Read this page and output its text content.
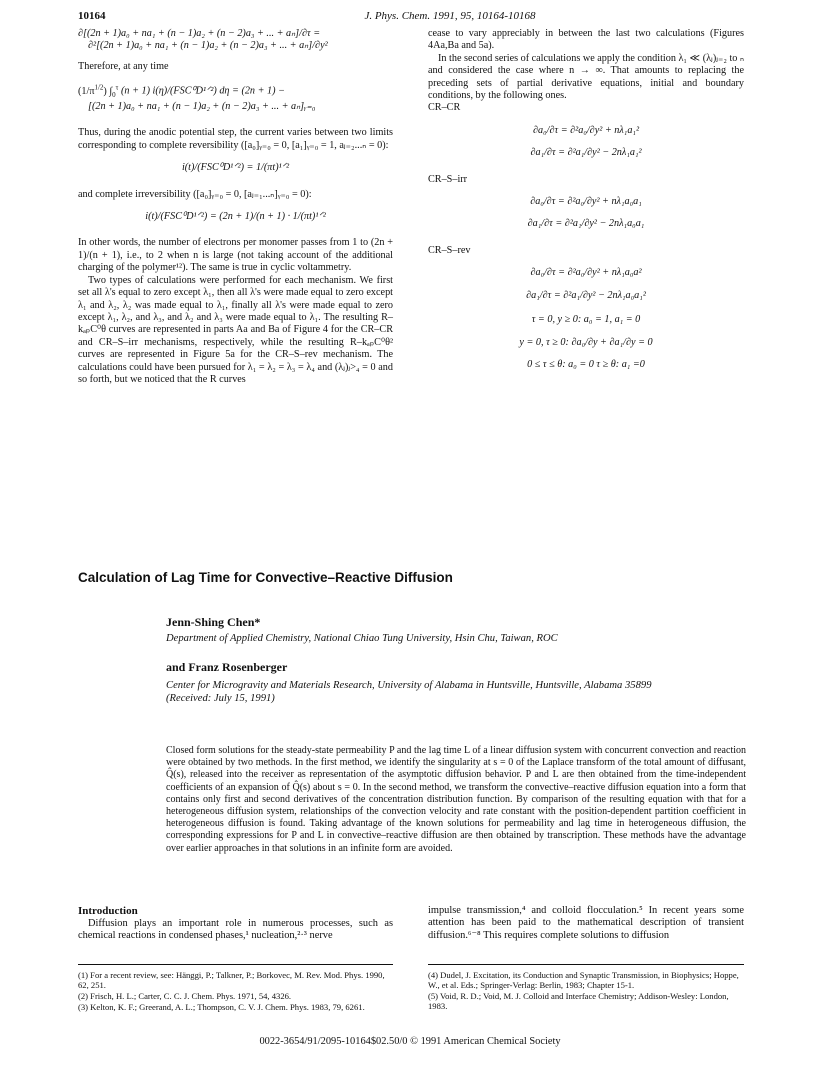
10164	J. Phys. Chem. 1991, 95, 10164-10168

∂[(2n + 1)a₀ + na₁ + (n − 1)a₂ + (n − 2)a₃ + ... + aₙ]/∂τ =

∂²[(2n + 1)a₀ + na₁ + (n − 1)a₂ + (n − 2)a₃ + ... + aₙ]/∂y²

Therefore, at any time

$(1/\pi^{1/2})$ $\int_0^\tau$ (n + 1) i(η)/(FSC⁰D¹ᐟ²) dη = (2n + 1) −

[(2n + 1)a₀ + na₁ + (n − 1)a₂ + (n − 2)a₃ + ... + aₙ]ᵧ₌₀

Thus, during the anodic potential step, the current varies between two limits corresponding to complete reversibility ([a₀]ᵧ₌₀ = 0, [a₁]ᵧ₌₀ = 1, aⱼ₌₂...ₙ = 0):

i(t)/(FSC⁰D¹ᐟ²) = 1/(πt)¹ᐟ²

and complete irreversibility ([a₀]ᵧ₌₀ = 0, [aⱼ₌₁...ₙ]ᵧ₌₀ = 0):

i(t)/(FSC⁰D¹ᐟ²) = (2n + 1)/(n + 1) · 1/(πt)¹ᐟ²

In other words, the number of electrons per monomer passes from 1 to (2n + 1)/(n + 1), i.e., to 2 when n is large (not taking account of the additional charging of the polymer¹²). The same is true in cyclic voltammetry.

Two types of calculations were performed for each mechanism. We first set all λ's equal to zero except λ₁, then all λ's were made equal to zero except λ₁ and λ₂, λ₂ was made equal to λ₁, finally all λ's were made equal to zero except λ₁, λ₂, and λ₃, and λ₂ and λ₃ were made equal to λ₁. The resulting R–kₐₚC⁰θ curves are represented in parts Aa and Ba of Figure 4 for the CR–CR and CR–S–irr mechanisms, respectively, while the resulting R–kₐₚC⁰θ² curves are represented in Figure 5a for the CR–S–rev mechanism. The calculations could have been pursued for λ₁ = λ₂ = λ₃ = λ₄ and (λⱼ)ⱼ>₄ = 0 and so forth, but we noticed that the R curves

cease to vary appreciably in between the last two calculations (Figures 4Aa,Ba and 5a).

In the second series of calculations we apply the condition λ₁ ≪ (λⱼ)ⱼ₌₂ to ₙ and considered the case where n → ∞. That amounts to replacing the preceding sets of partial derivative equations, initial and boundary conditions, by the following ones.

CR–CR

∂a₀/∂τ = ∂²a₀/∂y² + nλ₁a₁²

∂a₁/∂τ = ∂²a₁/∂y² − 2nλ₁a₁²

CR–S–irr

∂a₀/∂τ = ∂²a₀/∂y² + nλ₁a₀a₁

∂a₁/∂τ = ∂²a₁/∂y² − 2nλ₁a₀a₁

CR–S–rev

∂a₀/∂τ = ∂²a₀/∂y² + nλ₁a₀a²

∂a₁/∂τ = ∂²a₁/∂y² − 2nλ₁a₀a₁²

τ = 0, y ≥ 0: a₀ = 1, a₁ = 0

y = 0, τ ≥ 0: ∂a₀/∂y + ∂a₁/∂y = 0

0 ≤ τ ≤ θ: a₀ = 0 τ ≥ θ: a₁ =0

Calculation of Lag Time for Convective–Reactive Diffusion
Jenn-Shing Chen*
Department of Applied Chemistry, National Chiao Tung University, Hsin Chu, Taiwan, ROC
and Franz Rosenberger
Center for Microgravity and Materials Research, University of Alabama in Huntsville, Huntsville, Alabama 35899 (Received: July 15, 1991)
Closed form solutions for the steady-state permeability P and the lag time L of a linear diffusion system with concurrent convection and reaction were obtained by two methods. In the first method, we identify the singularity at s = 0 of the Laplace transform of the total amount of diffusant, Q̂(s), released into the receiver as representation of the asymptotic diffusion behavior. P and L are then obtained from the time-independent coefficients of an expansion of Q̂(s) about s = 0. In the second method, we transform the convective–reactive diffusion equation into a form that contains only first and second derivatives of the concentration distribution function. By comparison of the resulting equation with that for a heterogeneous diffusion system, relationships of the convection velocity and rate constant with the position-dependent partition coefficient in heterogeneous diffusion is found. Taking advantage of the known solutions for permeability and lag time in heterogeneous diffusion, the corresponding expressions for P and L in convective–reactive diffusion are then obtained by transcription. These methods have the advantage over earlier approaches in that solutions in an infinite form are avoided.
Introduction
Diffusion plays an important role in numerous processes, such as chemical reactions in condensed phases,¹ nucleation,²·³ nerve
impulse transmission,⁴ and colloid flocculation.⁵ In recent years some attention has been paid to the mathematical description of transient diffusion.⁶⁻⁸ This requires complete solutions to diffusion
(1) For a recent review, see: Hänggi, P.; Talkner, P.; Borkovec, M. Rev. Mod. Phys. 1990, 62, 251.
(2) Frisch, H. L.; Carter, C. C. J. Chem. Phys. 1971, 54, 4326.
(3) Kelton, K. F.; Greerand, A. L.; Thompson, C. V. J. Chem. Phys. 1983, 79, 6261.
(4) Dudel, J. Excitation, its Conduction and Synaptic Transmission, in Biophysics; Hoppe, W., et al. Eds.; Springer-Verlag: Berlin, 1983; Chapter 15-1.
(5) Void, R. D.; Void, M. J. Colloid and Interface Chemistry; Addison-Wesley: London, 1983.
0022-3654/91/2095-10164$02.50/0 © 1991 American Chemical Society
